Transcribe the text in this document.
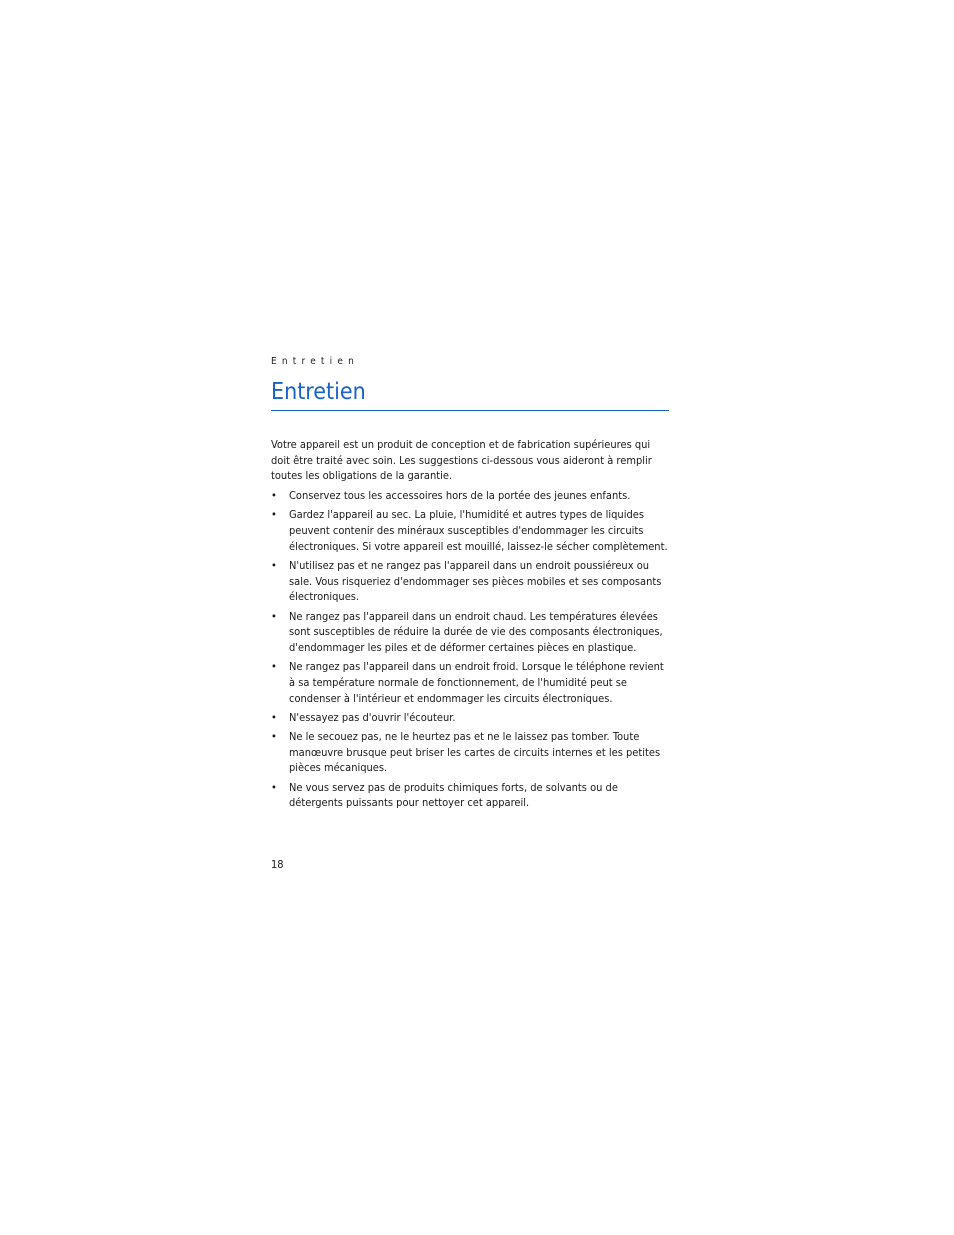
Entretien
Entretien

Votre appareil est un produit de conception et de fabrication supérieures qui doit être traité avec soin. Les suggestions ci-dessous vous aideront à remplir toutes les obligations de la garantie.

• Conservez tous les accessoires hors de la portée des jeunes enfants.
• Gardez l'appareil au sec. La pluie, l'humidité et autres types de liquides peuvent contenir des minéraux susceptibles d'endommager les circuits électroniques. Si votre appareil est mouillé, laissez-le sécher complètement.
• N'utilisez pas et ne rangez pas l'appareil dans un endroit poussiéreux ou sale. Vous risqueriez d'endommager ses pièces mobiles et ses composants électroniques.
• Ne rangez pas l'appareil dans un endroit chaud. Les températures élevées sont susceptibles de réduire la durée de vie des composants électroniques, d'endommager les piles et de déformer certaines pièces en plastique.
• Ne rangez pas l'appareil dans un endroit froid. Lorsque le téléphone revient à sa température normale de fonctionnement, de l'humidité peut se condenser à l'intérieur et endommager les circuits électroniques.
• N'essayez pas d'ouvrir l'écouteur.
• Ne le secouez pas, ne le heurtez pas et ne le laissez pas tomber. Toute manœuvre brusque peut briser les cartes de circuits internes et les petites pièces mécaniques.
• Ne vous servez pas de produits chimiques forts, de solvants ou de détergents puissants pour nettoyer cet appareil.
18
